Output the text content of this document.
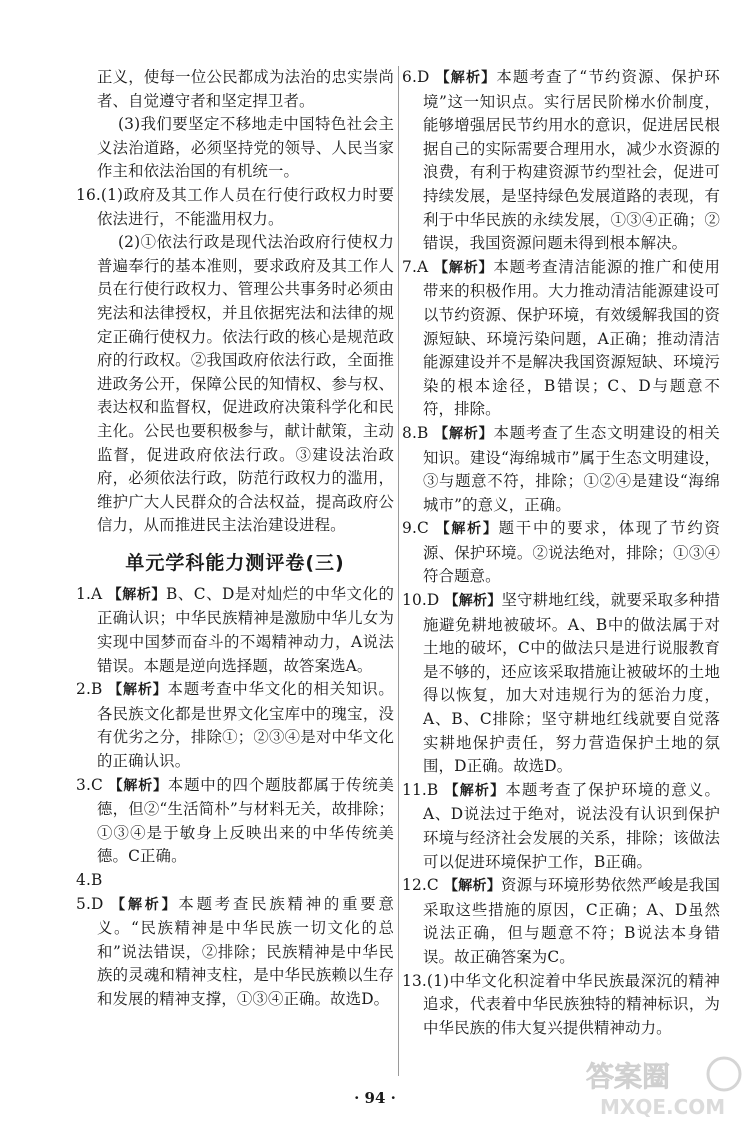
正义，使每一位公民都成为法治的忠实崇尚者、自觉遵守者和坚定捍卫者。

(3)我们要坚定不移地走中国特色社会主义法治道路，必须坚持党的领导、人民当家作主和依法治国的有机统一。

16.(1)政府及其工作人员在行使行政权力时要依法进行，不能滥用权力。

(2)①依法行政是现代法治政府行使权力普遍奉行的基本准则，要求政府及其工作人员在行使行政权力、管理公共事务时必须由宪法和法律授权，并且依据宪法和法律的规定正确行使权力。依法行政的核心是规范政府的行政权。②我国政府依法行政，全面推进政务公开，保障公民的知情权、参与权、表达权和监督权，促进政府决策科学化和民主化。公民也要积极参与，献计献策，主动监督，促进政府依法行政。③建设法治政府，必须依法行政，防范行政权力的滥用，维护广大人民群众的合法权益，提高政府公信力，从而推进民主法治建设进程。

单元学科能力测评卷(三)

1.A 【解析】B、C、D是对灿烂的中华文化的正确认识；中华民族精神是激励中华儿女为实现中国梦而奋斗的不竭精神动力，A说法错误。本题是逆向选择题，故答案选A。

2.B 【解析】本题考查中华文化的相关知识。各民族文化都是世界文化宝库中的瑰宝，没有优劣之分，排除①；②③④是对中华文化的正确认识。

3.C 【解析】本题中的四个题肢都属于传统美德，但②“生活简朴”与材料无关，故排除；①③④是于敏身上反映出来的中华传统美德。C正确。

4.B

5.D 【解析】本题考查民族精神的重要意义。“民族精神是中华民族一切文化的总和”说法错误，②排除；民族精神是中华民族的灵魂和精神支柱，是中华民族赖以生存和发展的精神支撑，①③④正确。故选D。

6.D 【解析】本题考查了“节约资源、保护环境”这一知识点。实行居民阶梯水价制度，能够增强居民节约用水的意识，促进居民根据自己的实际需要合理用水，减少水资源的浪费，有利于构建资源节约型社会，促进可持续发展，是坚持绿色发展道路的表现，有利于中华民族的永续发展，①③④正确；②错误，我国资源问题未得到根本解决。

7.A 【解析】本题考查清洁能源的推广和使用带来的积极作用。大力推动清洁能源建设可以节约资源、保护环境，有效缓解我国的资源短缺、环境污染问题，A正确；推动清洁能源建设并不是解决我国资源短缺、环境污染的根本途径，B错误；C、D与题意不符，排除。

8.B 【解析】本题考查了生态文明建设的相关知识。建设“海绵城市”属于生态文明建设，③与题意不符，排除；①②④是建设“海绵城市”的意义，正确。

9.C 【解析】题干中的要求，体现了节约资源、保护环境。②说法绝对，排除；①③④符合题意。

10.D 【解析】坚守耕地红线，就要采取多种措施避免耕地被破坏。A、B中的做法属于对土地的破坏，C中的做法只是进行说服教育是不够的，还应该采取措施让被破坏的土地得以恢复，加大对违规行为的惩治力度，A、B、C排除；坚守耕地红线就要自觉落实耕地保护责任，努力营造保护土地的氛围，D正确。故选D。

11.B 【解析】本题考查了保护环境的意义。A、D说法过于绝对，说法没有认识到保护环境与经济社会发展的关系，排除；该做法可以促进环境保护工作，B正确。

12.C 【解析】资源与环境形势依然严峻是我国采取这些措施的原因，C正确；A、D虽然说法正确，但与题意不符；B说法本身错误。故正确答案为C。

13.(1)中华文化积淀着中华民族最深沉的精神追求，代表着中华民族独特的精神标识，为中华民族的伟大复兴提供精神动力。

· 94 ·
答案圈
MXQE.COM
